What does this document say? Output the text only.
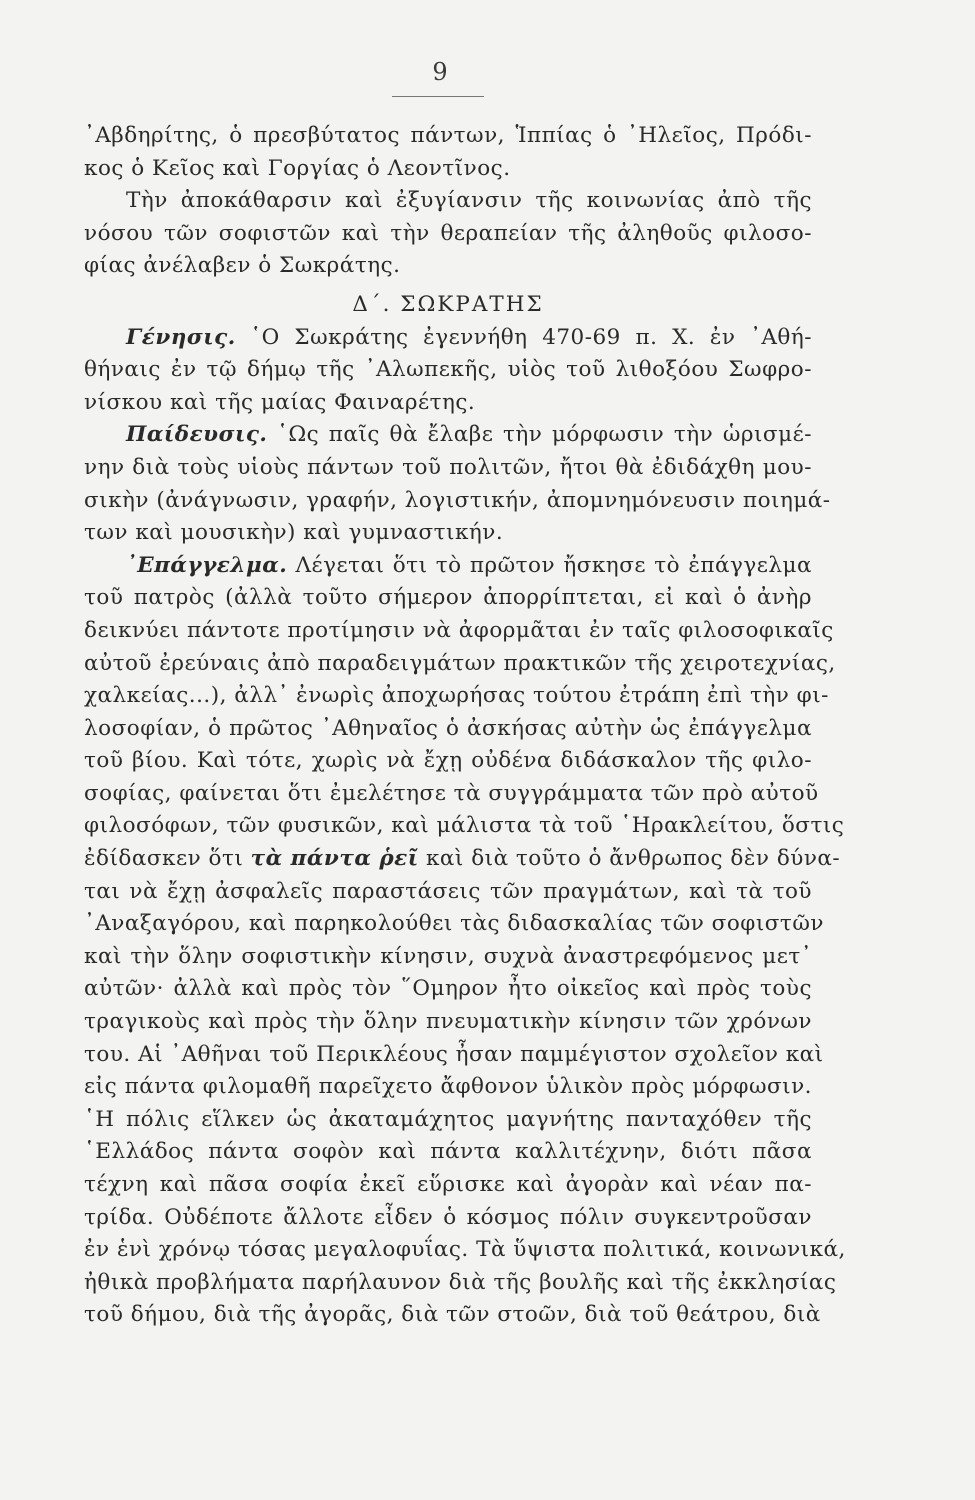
9
᾿Αβδηρίτης, ὁ πρεσβύτατος πάντων, Ἱππίας ὁ ᾿Ηλεῖος, Πρόδι-
κος ὁ Κεῖος καὶ Γοργίας ὁ Λεοντῖνος.
Τὴν ἀποκάθαρσιν καὶ ἐξυγίανσιν τῆς κοινωνίας ἀπὸ τῆς
νόσου τῶν σοφιστῶν καὶ τὴν θεραπείαν τῆς ἀληθοῦς φιλοσο-
φίας ἀνέλαβεν ὁ Σωκράτης.
Δ΄. ΣΩΚΡΑΤΗΣ
Γένησις. ῾Ο Σωκράτης ἐγεννήθη 470-69 π. Χ. ἐν ᾿Αθή-
θήναις ἐν τῷ δήμῳ τῆς ᾿Αλωπεκῆς, υἱὸς τοῦ λιθοξόου Σωφρο-
νίσκου καὶ τῆς μαίας Φαιναρέτης.
Παίδευσις. ῾Ως παῖς θὰ ἔλαβε τὴν μόρφωσιν τὴν ὡρισμέ-
νην διὰ τοὺς υἱοὺς πάντων τοῦ πολιτῶν, ἤτοι θὰ ἐδιδάχθη μου-
σικὴν (ἀνάγνωσιν, γραφήν, λογιστικήν, ἀπομνημόνευσιν ποιημά-
των καὶ μουσικὴν) καὶ γυμναστικήν.
᾿Επάγγελμα. Λέγεται ὅτι τὸ πρῶτον ἤσκησε τὸ ἐπάγγελμα
τοῦ πατρὸς (ἀλλὰ τοῦτο σήμερον ἀπορρίπτεται, εἰ καὶ ὁ ἀνὴρ
δεικνύει πάντοτε προτίμησιν νὰ ἀφορμᾶται ἐν ταῖς φιλοσοφικαῖς
αὐτοῦ ἐρεύναις ἀπὸ παραδειγμάτων πρακτικῶν τῆς χειροτεχνίας,
χαλκείας...), ἀλλ᾿ ἐνωρὶς ἀποχωρήσας τούτου ἐτράπη ἐπὶ τὴν φι-
λοσοφίαν, ὁ πρῶτος ᾿Αθηναῖος ὁ ἀσκήσας αὐτὴν ὡς ἐπάγγελμα
τοῦ βίου. Καὶ τότε, χωρὶς νὰ ἔχῃ οὐδένα διδάσκαλον τῆς φιλο-
σοφίας, φαίνεται ὅτι ἐμελέτησε τὰ συγγράμματα τῶν πρὸ αὐτοῦ
φιλοσόφων, τῶν φυσικῶν, καὶ μάλιστα τὰ τοῦ ῾Ηρακλείτου, ὅστις
ἐδίδασκεν ὅτι τὰ πάντα ῥεῖ καὶ διὰ τοῦτο ὁ ἄνθρωπος δὲν δύνα-
ται νὰ ἔχῃ ἀσφαλεῖς παραστάσεις τῶν πραγμάτων, καὶ τὰ τοῦ
᾿Αναξαγόρου, καὶ παρηκολούθει τὰς διδασκαλίας τῶν σοφιστῶν
καὶ τὴν ὅλην σοφιστικὴν κίνησιν, συχνὰ ἀναστρεφόμενος μετ᾿
αὐτῶν· ἀλλὰ καὶ πρὸς τὸν ῞Ομηρον ἦτο οἰκεῖος καὶ πρὸς τοὺς
τραγικοὺς καὶ πρὸς τὴν ὅλην πνευματικὴν κίνησιν τῶν χρόνων
του. Αἱ ᾿Αθῆναι τοῦ Περικλέους ἦσαν παμμέγιστον σχολεῖον καὶ
εἰς πάντα φιλομαθῆ παρεῖχετο ἄφθονον ὑλικὸν πρὸς μόρφωσιν.
῾Η πόλις εἵλκεν ὡς ἀκαταμάχητος μαγνήτης πανταχόθεν τῆς
῾Ελλάδος πάντα σοφὸν καὶ πάντα καλλιτέχνην, διότι πᾶσα
τέχνη καὶ πᾶσα σοφία ἐκεῖ εὕρισκε καὶ ἀγορὰν καὶ νέαν πα-
τρίδα. Οὐδέποτε ἄλλοτε εἶδεν ὁ κόσμος πόλιν συγκεντροῦσαν
ἐν ἑνὶ χρόνῳ τόσας μεγαλοφυΐας. Τὰ ὕψιστα πολιτικά, κοινωνικά,
ἠθικὰ προβλήματα παρήλαυνον διὰ τῆς βουλῆς καὶ τῆς ἐκκλησίας
τοῦ δήμου, διὰ τῆς ἀγορᾶς, διὰ τῶν στοῶν, διὰ τοῦ θεάτρου, διὰ
